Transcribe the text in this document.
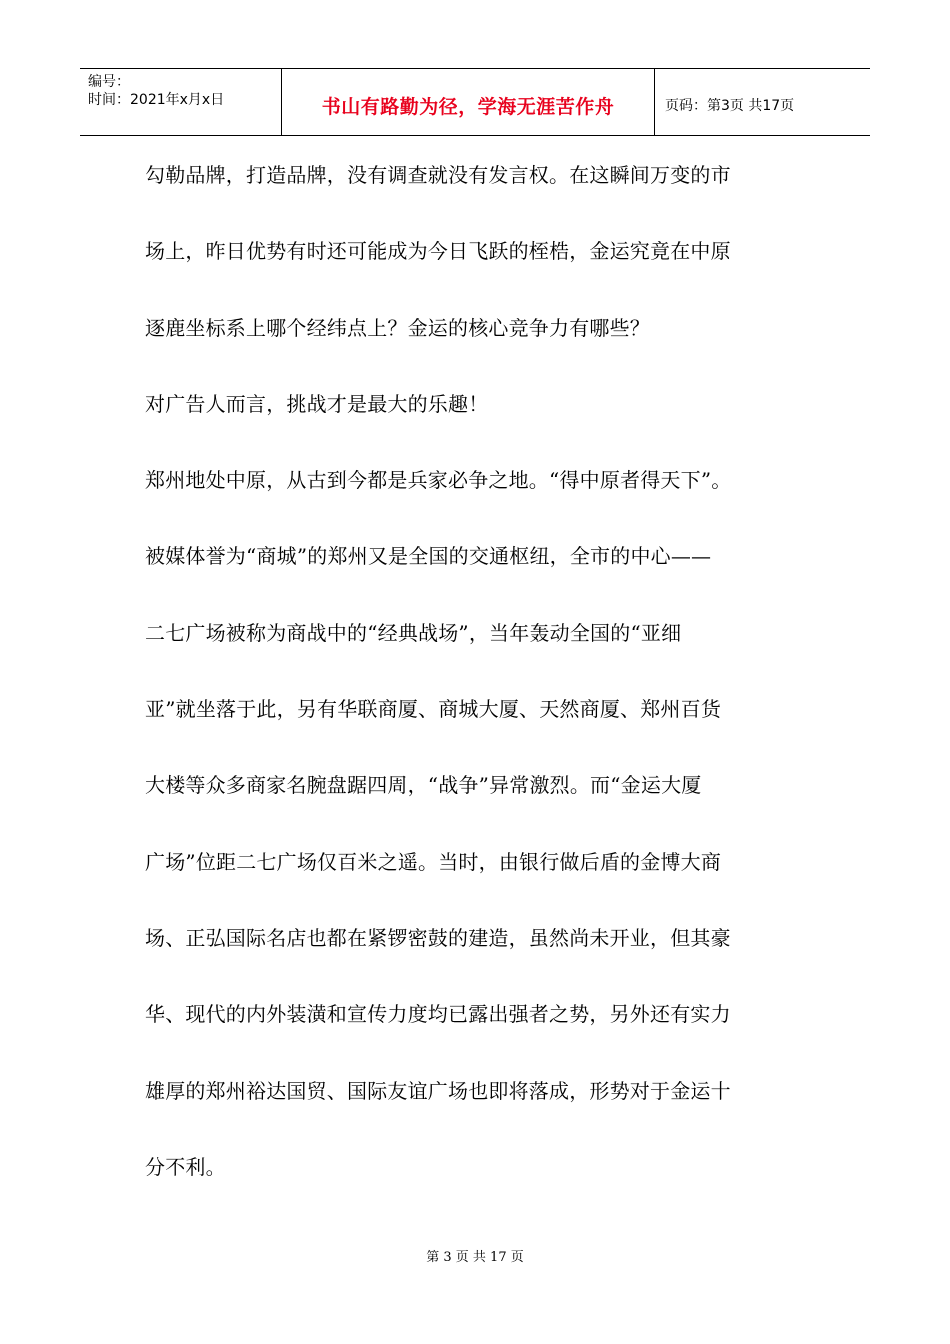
编号：
时间：2021年x月x日	书山有路勤为径，学海无涯苦作舟	页码：第3页 共17页
勾勒品牌，打造品牌，没有调查就没有发言权。在这瞬间万变的市
场上，昨日优势有时还可能成为今日飞跃的桎梏，金运究竟在中原
逐鹿坐标系上哪个经纬点上？金运的核心竞争力有哪些？
对广告人而言，挑战才是最大的乐趣！
郑州地处中原，从古到今都是兵家必争之地。“得中原者得天下”。
被媒体誉为“商城”的郑州又是全国的交通枢纽，全市的中心——
二七广场被称为商战中的“经典战场”，当年轰动全国的“亚细
亚”就坐落于此，另有华联商厦、商城大厦、天然商厦、郑州百货
大楼等众多商家名腕盘踞四周，“战争”异常激烈。而“金运大厦
广场”位距二七广场仅百米之遥。当时，由银行做后盾的金博大商
场、正弘国际名店也都在紧锣密鼓的建造，虽然尚未开业，但其豪
华、现代的内外装潢和宣传力度均已露出强者之势，另外还有实力
雄厚的郑州裕达国贸、国际友谊广场也即将落成，形势对于金运十
分不利。
第 3 页 共 17 页
